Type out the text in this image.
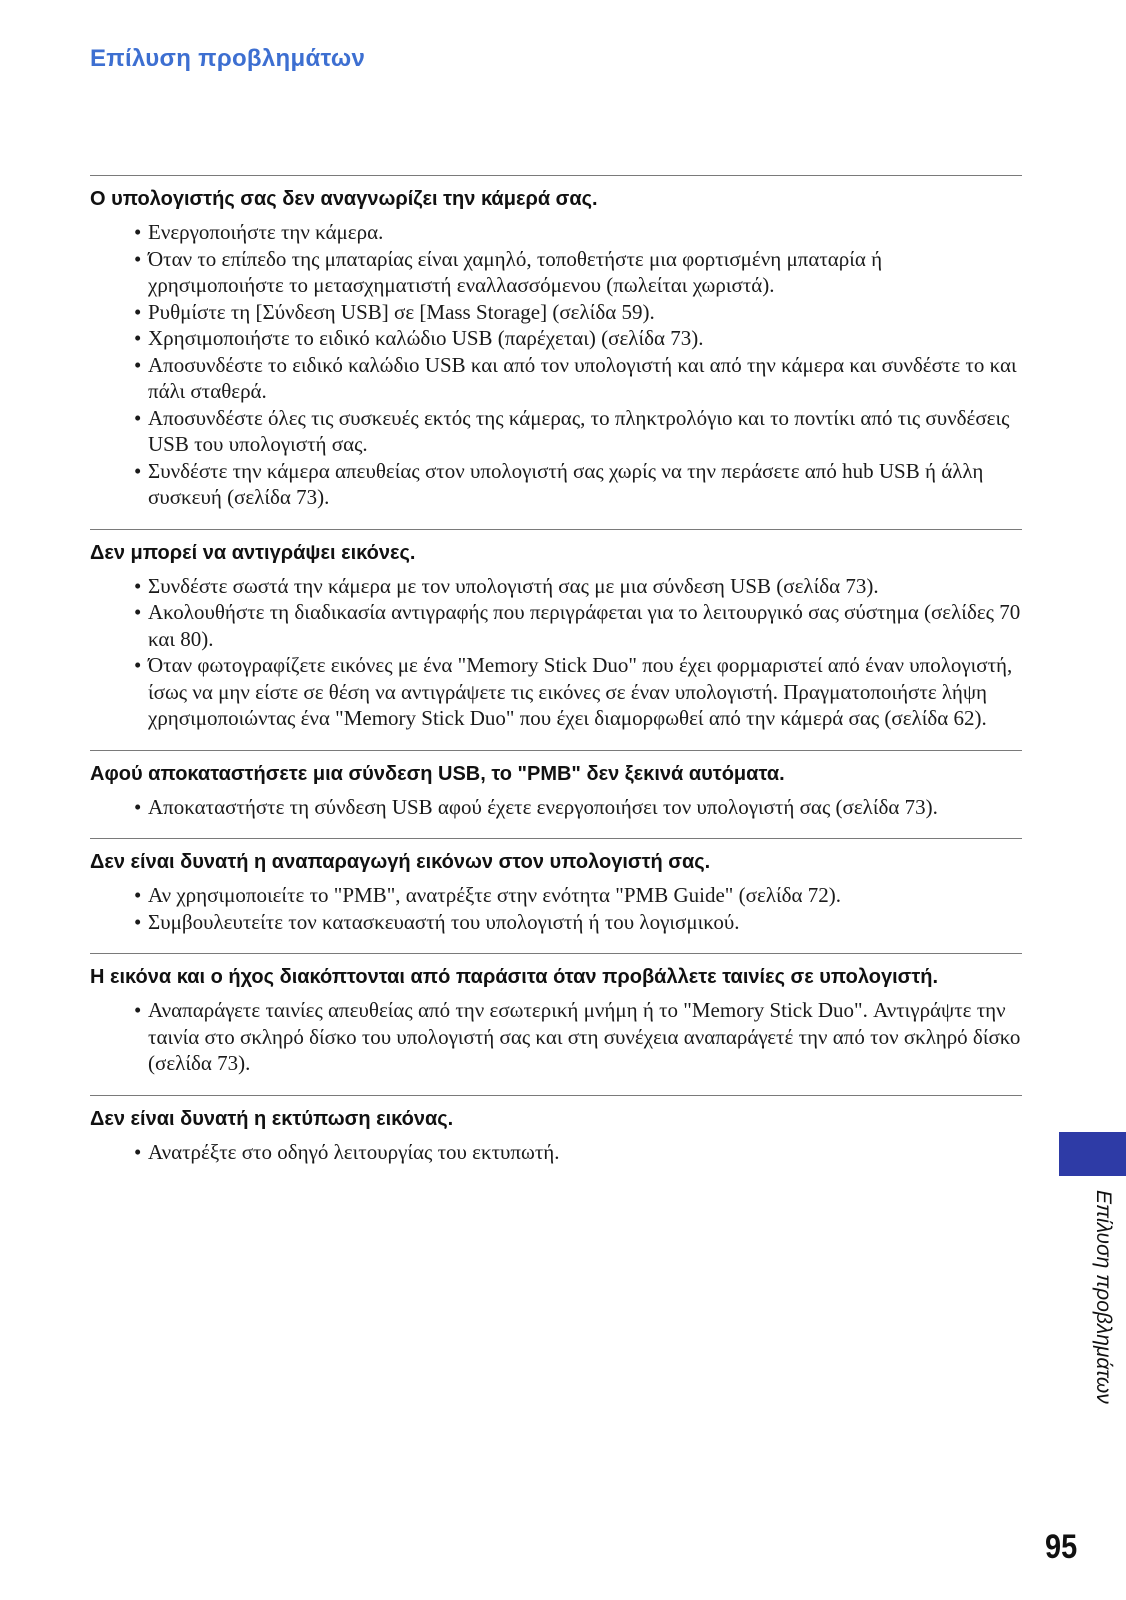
Επίλυση προβλημάτων
Ο υπολογιστής σας δεν αναγνωρίζει την κάμερά σας.
• Ενεργοποιήστε την κάμερα.
• Όταν το επίπεδο της μπαταρίας είναι χαμηλό, τοποθετήστε μια φορτισμένη μπαταρία ή χρησιμοποιήστε το μετασχηματιστή εναλλασσόμενου (πωλείται χωριστά).
• Ρυθμίστε τη [Σύνδεση USB] σε [Mass Storage] (σελίδα 59).
• Χρησιμοποιήστε το ειδικό καλώδιο USB (παρέχεται) (σελίδα 73).
• Αποσυνδέστε το ειδικό καλώδιο USB και από τον υπολογιστή και από την κάμερα και συνδέστε το και πάλι σταθερά.
• Αποσυνδέστε όλες τις συσκευές εκτός της κάμερας, το πληκτρολόγιο και το ποντίκι από τις συνδέσεις USB του υπολογιστή σας.
• Συνδέστε την κάμερα απευθείας στον υπολογιστή σας χωρίς να την περάσετε από hub USB ή άλλη συσκευή (σελίδα 73).
Δεν μπορεί να αντιγράψει εικόνες.
• Συνδέστε σωστά την κάμερα με τον υπολογιστή σας με μια σύνδεση USB (σελίδα 73).
• Ακολουθήστε τη διαδικασία αντιγραφής που περιγράφεται για το λειτουργικό σας σύστημα (σελίδες 70 και 80).
• Όταν φωτογραφίζετε εικόνες με ένα "Memory Stick Duo" που έχει φορμαριστεί από έναν υπολογιστή, ίσως να μην είστε σε θέση να αντιγράψετε τις εικόνες σε έναν υπολογιστή. Πραγματοποιήστε λήψη χρησιμοποιώντας ένα "Memory Stick Duo" που έχει διαμορφωθεί από την κάμερά σας (σελίδα 62).
Αφού αποκαταστήσετε μια σύνδεση USB, το "PMB" δεν ξεκινά αυτόματα.
• Αποκαταστήστε τη σύνδεση USB αφού έχετε ενεργοποιήσει τον υπολογιστή σας (σελίδα 73).
Δεν είναι δυνατή η αναπαραγωγή εικόνων στον υπολογιστή σας.
• Αν χρησιμοποιείτε το "PMB", ανατρέξτε στην ενότητα "PMB Guide" (σελίδα 72).
• Συμβουλευτείτε τον κατασκευαστή του υπολογιστή ή του λογισμικού.
Η εικόνα και ο ήχος διακόπτονται από παράσιτα όταν προβάλλετε ταινίες σε υπολογιστή.
• Αναπαράγετε ταινίες απευθείας από την εσωτερική μνήμη ή το "Memory Stick Duo". Αντιγράψτε την ταινία στο σκληρό δίσκο του υπολογιστή σας και στη συνέχεια αναπαράγετέ την από τον σκληρό δίσκο (σελίδα 73).
Δεν είναι δυνατή η εκτύπωση εικόνας.
• Ανατρέξτε στο οδηγό λειτουργίας του εκτυπωτή.
Επίλυση προβλημάτων
95
